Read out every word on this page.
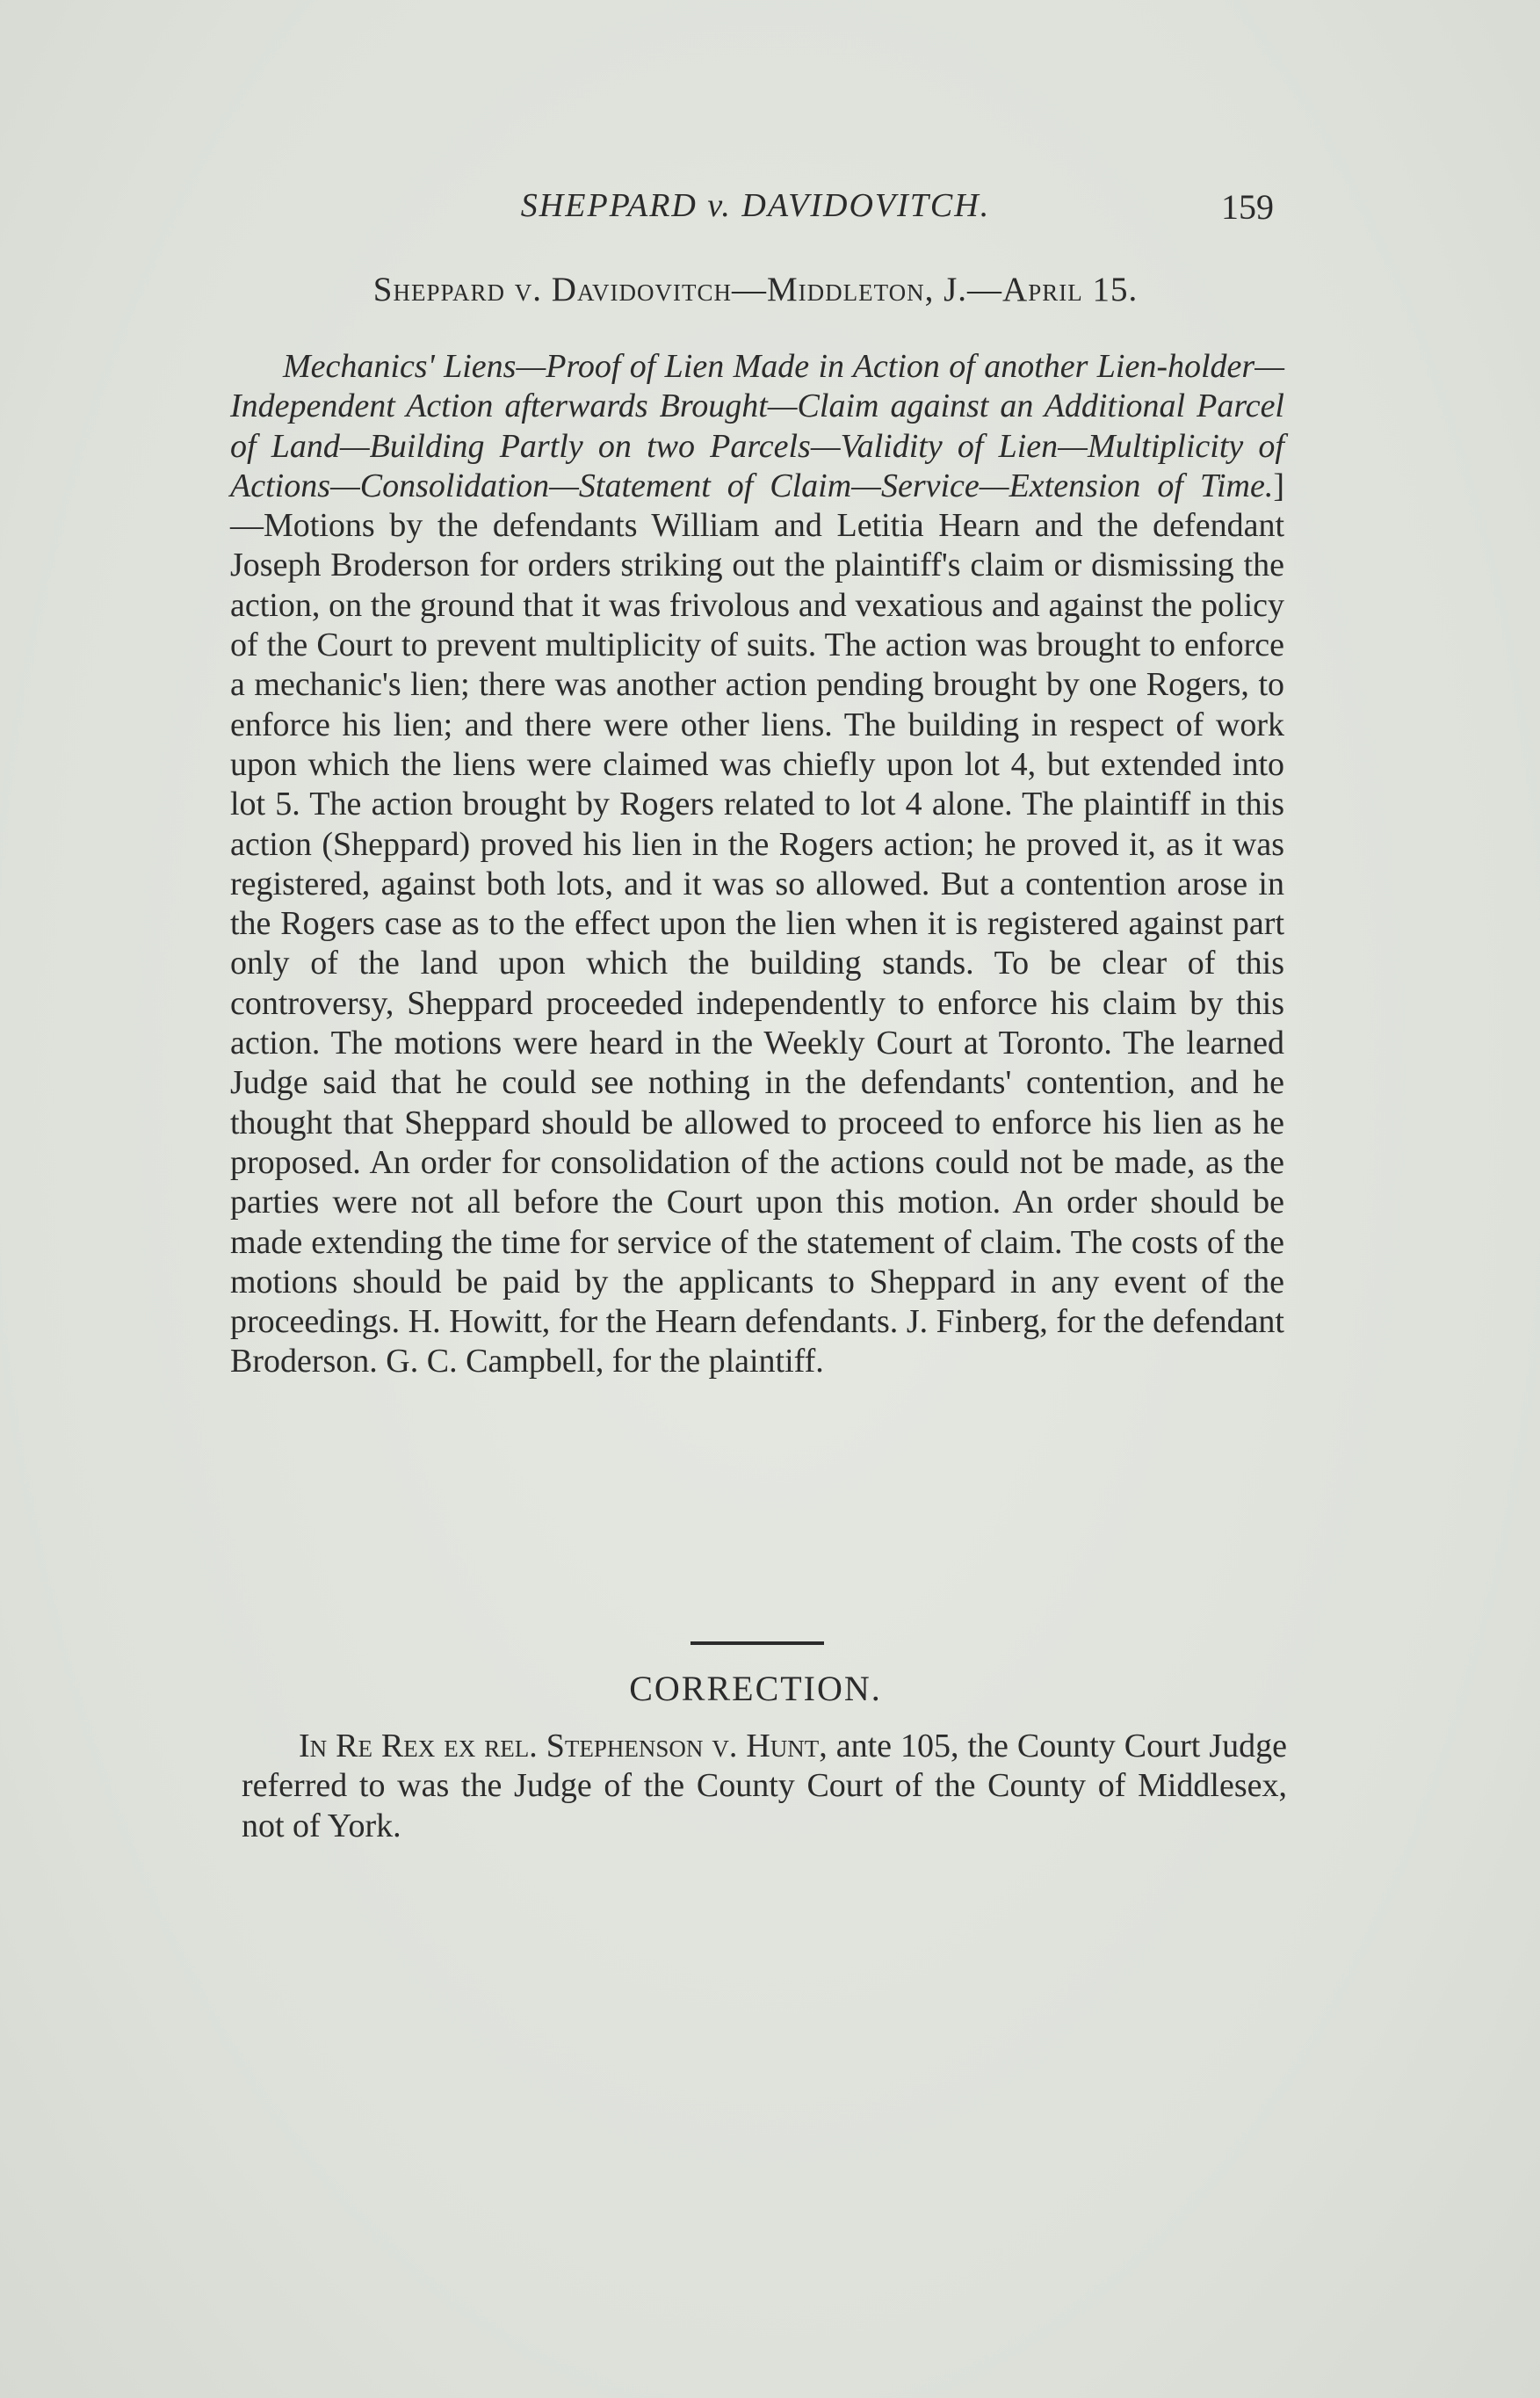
SHEPPARD v. DAVIDOVITCH.	159
Sheppard v. Davidovitch—Middleton, J.—April 15.

Mechanics' Liens—Proof of Lien Made in Action of another Lien-holder—Independent Action afterwards Brought—Claim against an Additional Parcel of Land—Building Partly on two Parcels—Validity of Lien—Multiplicity of Actions—Consolidation—Statement of Claim—Service—Extension of Time.]—Motions by the defendants William and Letitia Hearn and the defendant Joseph Broderson for orders striking out the plaintiff's claim or dismissing the action, on the ground that it was frivolous and vexatious and against the policy of the Court to prevent multiplicity of suits. The action was brought to enforce a mechanic's lien; there was another action pending brought by one Rogers, to enforce his lien; and there were other liens. The building in respect of work upon which the liens were claimed was chiefly upon lot 4, but extended into lot 5. The action brought by Rogers related to lot 4 alone. The plaintiff in this action (Sheppard) proved his lien in the Rogers action; he proved it, as it was registered, against both lots, and it was so allowed. But a contention arose in the Rogers case as to the effect upon the lien when it is registered against part only of the land upon which the building stands. To be clear of this controversy, Sheppard proceeded independently to enforce his claim by this action. The motions were heard in the Weekly Court at Toronto. The learned Judge said that he could see nothing in the defendants' contention, and he thought that Sheppard should be allowed to proceed to enforce his lien as he proposed. An order for consolidation of the actions could not be made, as the parties were not all before the Court upon this motion. An order should be made extending the time for service of the statement of claim. The costs of the motions should be paid by the applicants to Sheppard in any event of the proceedings. H. Howitt, for the Hearn defendants. J. Finberg, for the defendant Broderson. G. C. Campbell, for the plaintiff.

CORRECTION.

In Re Rex ex rel. Stephenson v. Hunt, ante 105, the County Court Judge referred to was the Judge of the County Court of the County of Middlesex, not of York.
